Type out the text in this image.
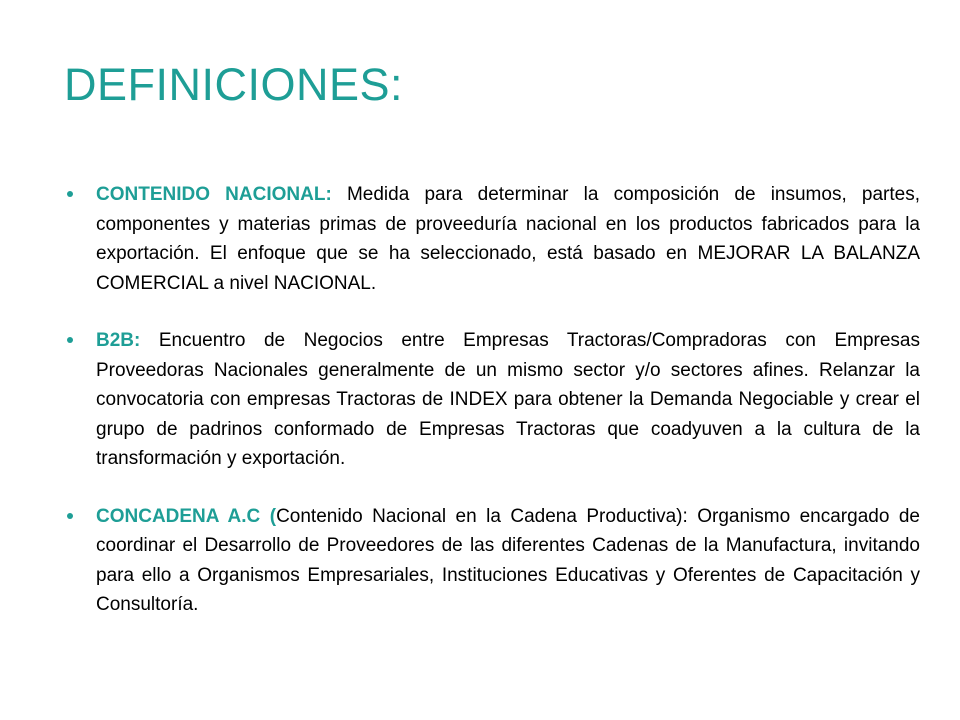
DEFINICIONES:
CONTENIDO NACIONAL: Medida para determinar la composición de insumos, partes, componentes y materias primas de proveeduría nacional en los productos fabricados para la exportación. El enfoque que se ha seleccionado, está basado en MEJORAR LA BALANZA COMERCIAL a nivel NACIONAL.
B2B: Encuentro de Negocios entre Empresas Tractoras/Compradoras con Empresas Proveedoras Nacionales generalmente de un mismo sector y/o sectores afines. Relanzar la convocatoria con empresas Tractoras de INDEX para obtener la Demanda Negociable y crear el grupo de padrinos conformado de Empresas Tractoras que coadyuven a la cultura de la transformación y exportación.
CONCADENA A.C (Contenido Nacional en la Cadena Productiva): Organismo encargado de coordinar el Desarrollo de Proveedores de las diferentes Cadenas de la Manufactura, invitando para ello a Organismos Empresariales, Instituciones Educativas y Oferentes de Capacitación y Consultoría.
